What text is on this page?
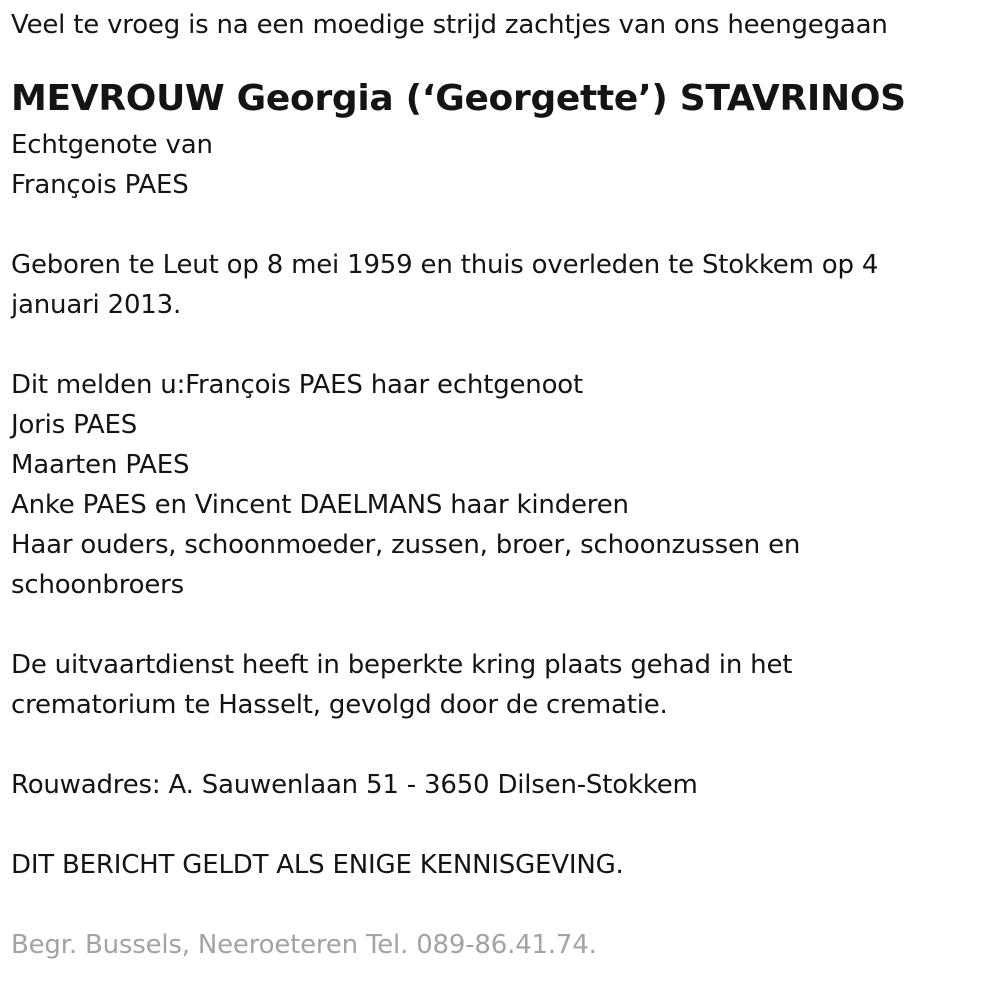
Veel te vroeg is na een moedige strijd zachtjes van ons heengegaan
MEVROUW Georgia (‘Georgette’) STAVRINOS
Echtgenote van
François PAES
Geboren te Leut op 8 mei 1959 en thuis overleden te Stokkem op 4
januari 2013.
Dit melden u:François PAES haar echtgenoot
Joris PAES
Maarten PAES
Anke PAES en Vincent DAELMANS haar kinderen
Haar ouders, schoonmoeder, zussen, broer, schoonzussen en
schoonbroers
De uitvaartdienst heeft in beperkte kring plaats gehad in het
crematorium te Hasselt, gevolgd door de crematie.
Rouwadres: A. Sauwenlaan 51 - 3650 Dilsen-Stokkem
DIT BERICHT GELDT ALS ENIGE KENNISGEVING.
Begr. Bussels, Neeroeteren Tel. 089-86.41.74.
